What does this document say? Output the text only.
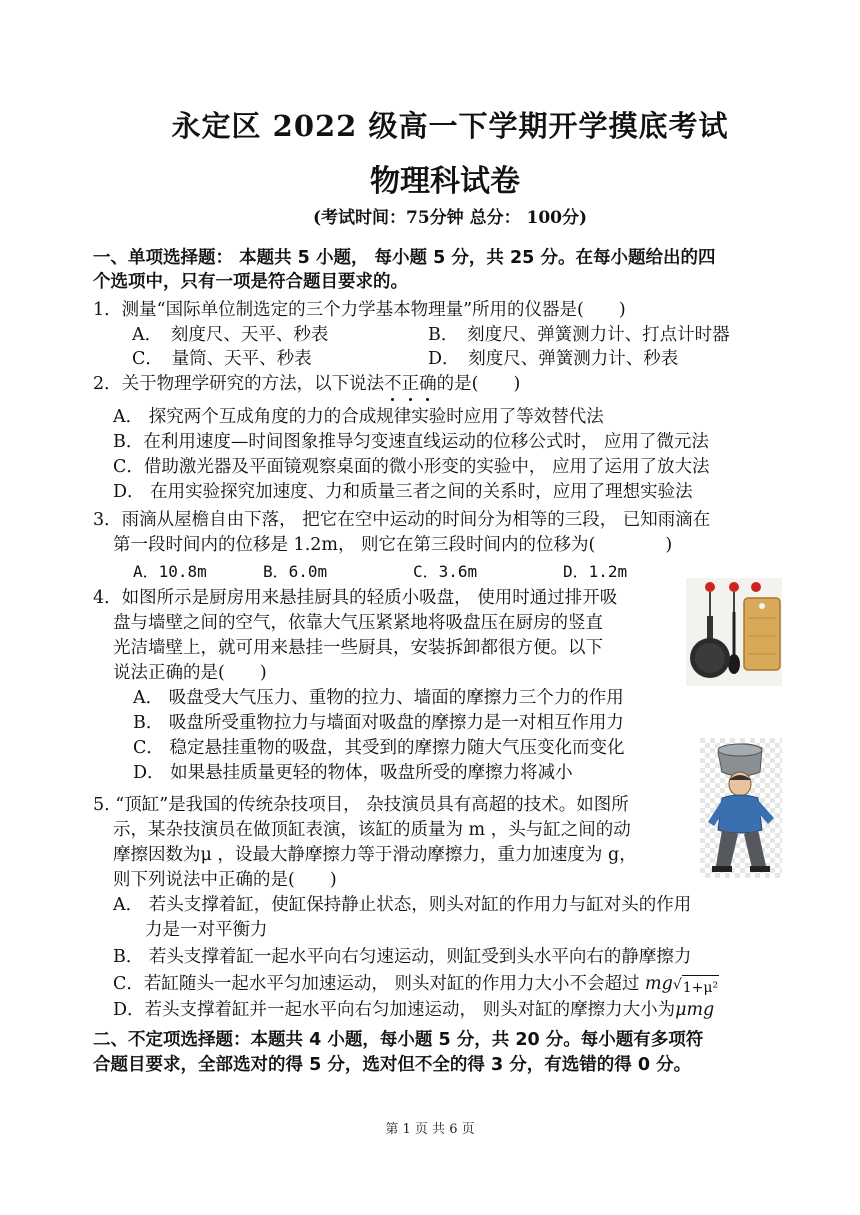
永定区 2022 级高一下学期开学摸底考试
物理科试卷
(考试时间：75分钟 总分： 100分)
一、单项选择题： 本题共 5 小题， 每小题 5 分，共 25 分。在每小题给出的四
个选项中，只有一项是符合题目要求的。
1．测量“国际单位制选定的三个力学基本物理量”所用的仪器是(　　)
A．　刻度尺、天平、秒表	B．　刻度尺、弹簧测力计、打点计时器
C．　量筒、天平、秒表	D．　刻度尺、弹簧测力计、秒表
2．关于物理学研究的方法，以下说法不正确的是(　　)
A． 探究两个互成角度的力的合成规律实验时应用了等效替代法
B．在利用速度—时间图象推导匀变速直线运动的位移公式时， 应用了微元法
C．借助激光器及平面镜观察桌面的微小形变的实验中， 应用了运用了放大法
D． 在用实验探究加速度、力和质量三者之间的关系时，应用了理想实验法
3．雨滴从屋檐自由下落， 把它在空中运动的时间分为相等的三段， 已知雨滴在
第一段时间内的位移是 1.2m， 则它在第三段时间内的位移为(　　　　)
A．10.8m	B．6.0m	C．3.6m	D．1.2m
4．如图所示是厨房用来悬挂厨具的轻质小吸盘， 使用时通过排开吸
盘与墙壁之间的空气，依靠大气压紧紧地将吸盘压在厨房的竖直
光洁墙壁上，就可用来悬挂一些厨具，安装拆卸都很方便。以下
说法正确的是(　　)
A． 吸盘受大气压力、重物的拉力、墙面的摩擦力三个力的作用
B． 吸盘所受重物拉力与墙面对吸盘的摩擦力是一对相互作用力
C． 稳定悬挂重物的吸盘，其受到的摩擦力随大气压变化而变化
D． 如果悬挂质量更轻的物体，吸盘所受的摩擦力将减小
5. “顶缸”是我国的传统杂技项目， 杂技演员具有高超的技术。如图所
示，某杂技演员在做顶缸表演，该缸的质量为 m ，头与缸之间的动
摩擦因数为μ ，设最大静摩擦力等于滑动摩擦力，重力加速度为 g，
则下列说法中正确的是(　　)
A． 若头支撑着缸，使缸保持静止状态，则头对缸的作用力与缸对头的作用
力是一对平衡力
B． 若头支撑着缸一起水平向右匀速运动，则缸受到头水平向右的静摩擦力
C．若缸随头一起水平匀加速运动， 则头对缸的作用力大小不会超过 mg√ 1+μ²
D．若头支撑着缸并一起水平向右匀加速运动， 则头对缸的摩擦力大小为μmg
二、不定项选择题：本题共 4 小题，每小题 5 分，共 20 分。每小题有多项符
合题目要求，全部选对的得 5 分，选对但不全的得 3 分，有选错的得 0 分。
第 1 页 共 6 页
